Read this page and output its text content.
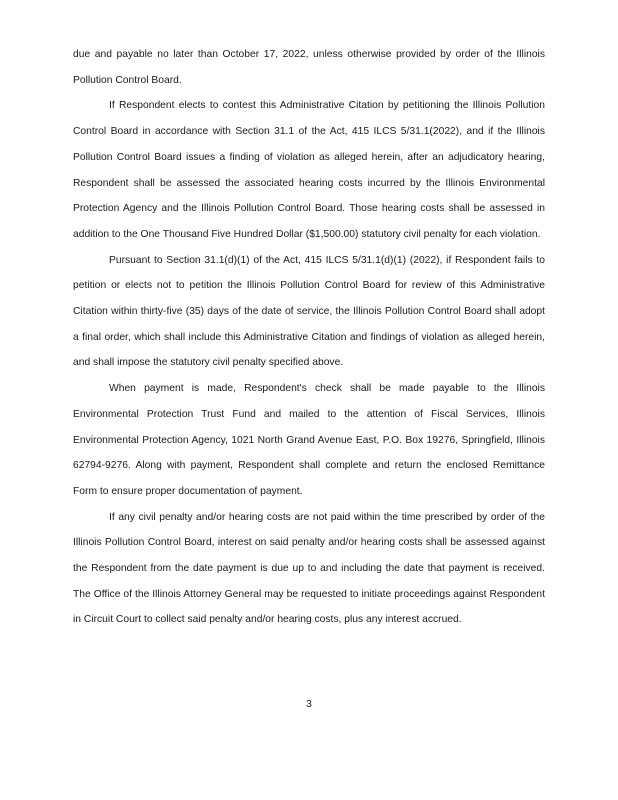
due and payable no later than October 17, 2022, unless otherwise provided by order of the Illinois Pollution Control Board.

If Respondent elects to contest this Administrative Citation by petitioning the Illinois Pollution Control Board in accordance with Section 31.1 of the Act, 415 ILCS 5/31.1(2022), and if the Illinois Pollution Control Board issues a finding of violation as alleged herein, after an adjudicatory hearing, Respondent shall be assessed the associated hearing costs incurred by the Illinois Environmental Protection Agency and the Illinois Pollution Control Board. Those hearing costs shall be assessed in addition to the One Thousand Five Hundred Dollar ($1,500.00) statutory civil penalty for each violation.

Pursuant to Section 31.1(d)(1) of the Act, 415 ILCS 5/31.1(d)(1) (2022), if Respondent fails to petition or elects not to petition the Illinois Pollution Control Board for review of this Administrative Citation within thirty-five (35) days of the date of service, the Illinois Pollution Control Board shall adopt a final order, which shall include this Administrative Citation and findings of violation as alleged herein, and shall impose the statutory civil penalty specified above.

When payment is made, Respondent's check shall be made payable to the Illinois Environmental Protection Trust Fund and mailed to the attention of Fiscal Services, Illinois Environmental Protection Agency, 1021 North Grand Avenue East, P.O. Box 19276, Springfield, Illinois 62794-9276. Along with payment, Respondent shall complete and return the enclosed Remittance Form to ensure proper documentation of payment.

If any civil penalty and/or hearing costs are not paid within the time prescribed by order of the Illinois Pollution Control Board, interest on said penalty and/or hearing costs shall be assessed against the Respondent from the date payment is due up to and including the date that payment is received. The Office of the Illinois Attorney General may be requested to initiate proceedings against Respondent in Circuit Court to collect said penalty and/or hearing costs, plus any interest accrued.

3
